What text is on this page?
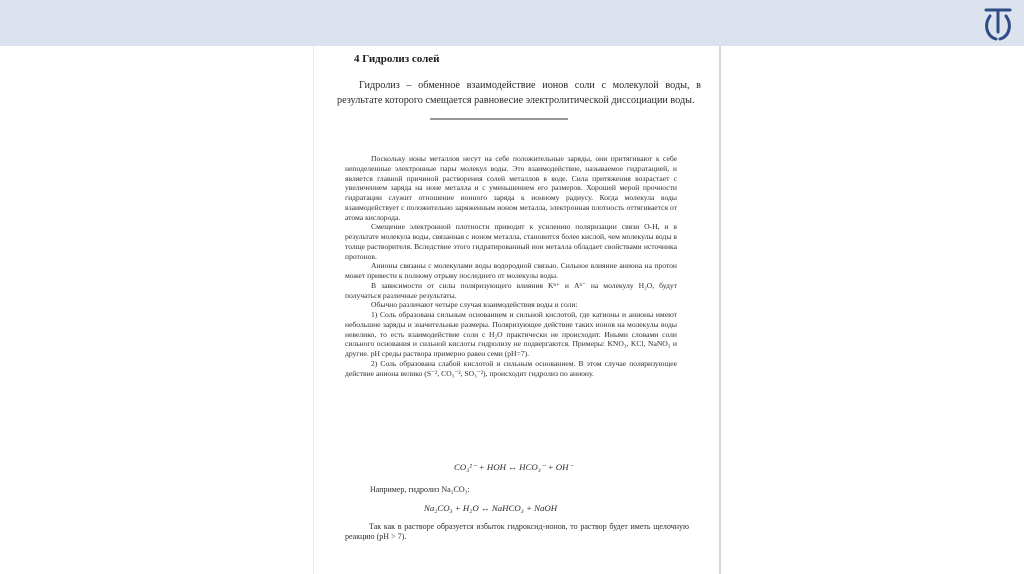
4 Гидролиз солей

Гидролиз – обменное взаимодействие ионов соли с молекулой воды, в результате которого смещается равновесие электролитической диссоциации воды.

Поскольку ионы металлов несут на себе положительные заряды, они притягивают к себе неподеленные электронные пары молекул воды. Это взаимодействие, называемое гидратацией, и является главной причиной растворения солей металлов в воде. Сила притяжения возрастает с увеличением заряда на ионе металла и с уменьшением его размеров. Хорошей мерой прочности гидратации служит отношение ионного заряда к ионному радиусу. Когда молекула воды взаимодействует с положительно заряженным ионом металла, электронная плотность оттягивается от атома кислорода.

Смещение электронной плотности приводит к усилению поляризации связи О-Н, и в результате молекула воды, связанная с ионом металла, становится более кислой, чем молекулы воды в толще растворителя. Вследствие этого гидратированный ион металла обладает свойствами источника протонов.

Анионы связаны с молекулами воды водородной связью. Сильное влияние аниона на протон может привести к полному отрыву последнего от молекулы воды.

В зависимости от силы поляризующего влияния Kⁿ⁺ и Aⁿ⁻ на молекулу H₂O, будут получаться различные результаты.

Обычно различают четыре случая взаимодействия воды и соли:

1) Соль образована сильным основанием и сильной кислотой, где катионы и анионы имеют небольшие заряды и значительные размеры. Поляризующее действие таких ионов на молекулы воды невелико, то есть взаимодействие соли с H₂O практически не происходит. Иными словами соли сильного основания и сильной кислоты гидролизу не подвергаются. Примеры: KNO₃, KCl, NaNO₃ и другие. pH среды раствора примерно равен семи (pH=7).

2) Соль образована слабой кислотой и сильным основанием. В этом случае поляризующее действие аниона велико (S⁻², CO₃⁻², SO₃⁻²), происходит гидролиз по аниону.

CO₃²⁻ + HOH ↔ HCO₃⁻ + OH⁻
Например, гидролиз Na₂CO₃:
Na₂CO₃ + H₂O ↔ NaHCO₃ + NaOH

Так как в растворе образуется избыток гидроксид-ионов, то раствор будет иметь щелочную реакцию (pH > 7).
